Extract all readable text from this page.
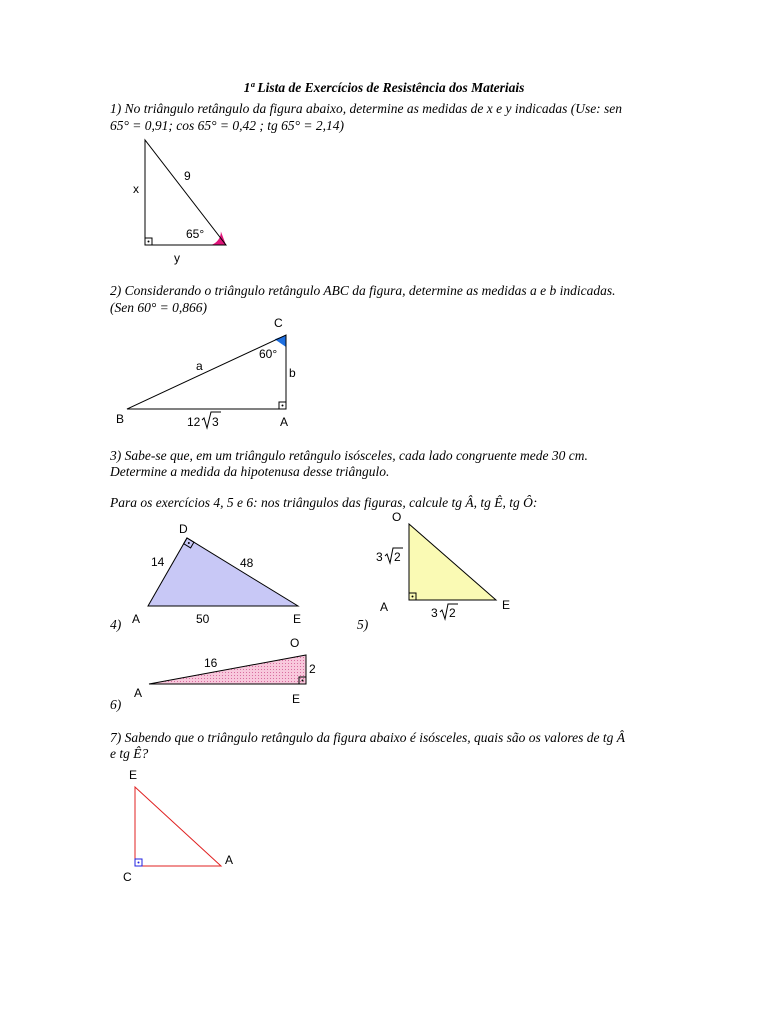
1ª Lista de Exercícios de Resistência dos Materiais
1) No triângulo retângulo da figura abaixo, determine as medidas de x e y indicadas (Use: sen
65° = 0,91; cos 65° = 0,42 ; tg 65° = 2,14)
2) Considerando o triângulo retângulo ABC da figura, determine as medidas a e b indicadas.
(Sen 60° = 0,866)
3) Sabe-se que, em um triângulo retângulo isósceles, cada lado congruente mede 30 cm.
Determine a medida da hipotenusa desse triângulo.
Para os exercícios 4, 5 e 6: nos triângulos das figuras, calcule tg Â, tg Ê, tg Ô:
4)	5)
6)
7) Sabendo que o triângulo retângulo da figura abaixo é isósceles, quais são os valores de tg Â
e tg Ê?
x
9
65°
y
C
60°
a	b
B	A
12 3
D
14	48
A	50	E
O
A	E
3 2
3 2
O
16	2
A	E
E
A
C
